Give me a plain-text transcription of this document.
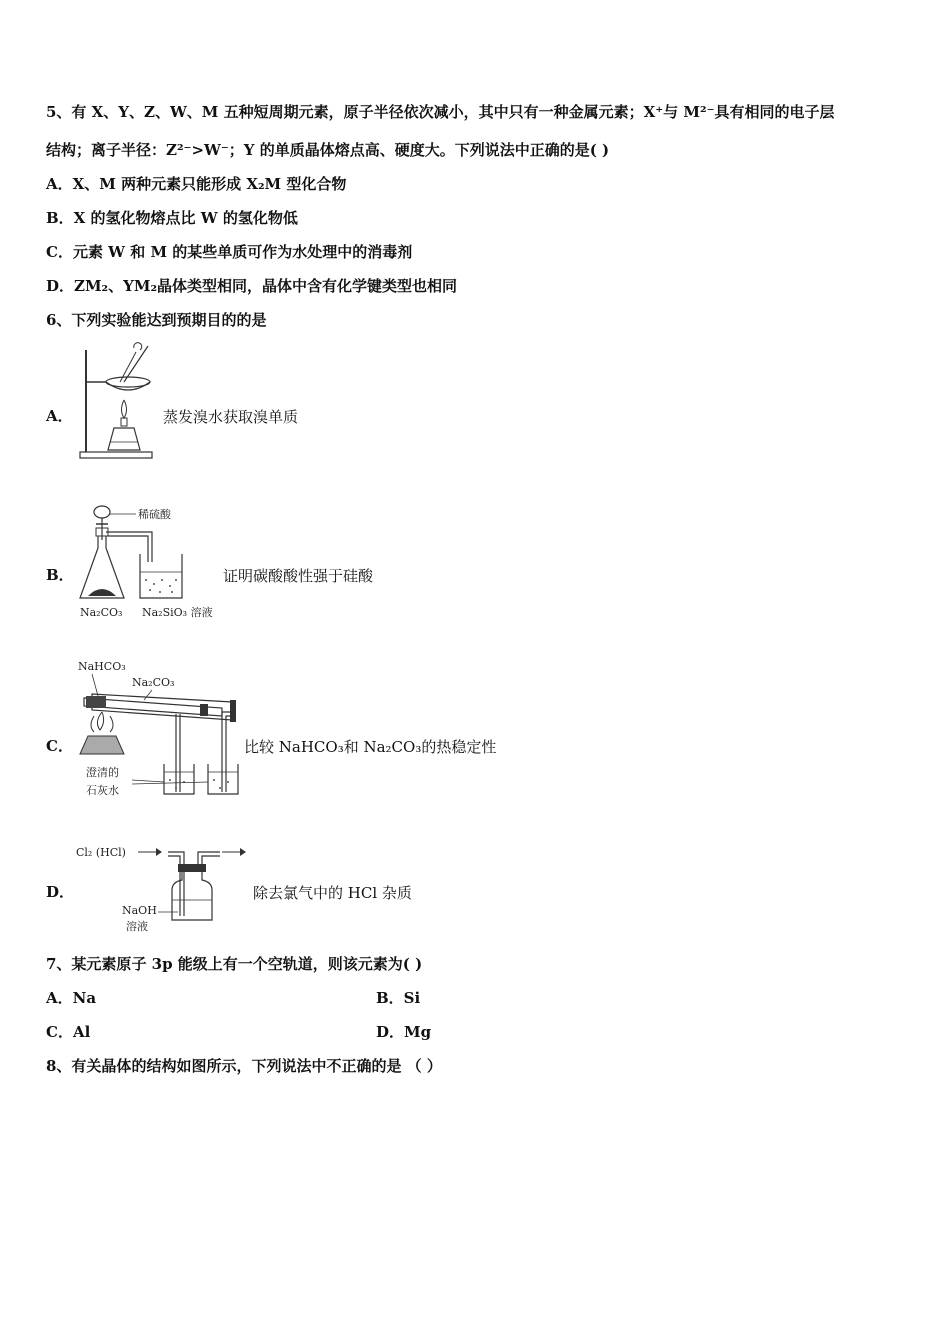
5、有 X、Y、Z、W、M 五种短周期元素，原子半径依次减小，其中只有一种金属元素；X⁺与 M²⁻具有相同的电子层
结构；离子半径：Z²⁻>W⁻；Y 的单质晶体熔点高、硬度大。下列说法中正确的是( )
A．X、M 两种元素只能形成 X₂M 型化合物
B．X 的氢化物熔点比 W 的氢化物低
C．元素 W 和 M 的某些单质可作为水处理中的消毒剂
D．ZM₂、YM₂晶体类型相同，晶体中含有化学键类型也相同
6、下列实验能达到预期目的的是
A．	蒸发溴水获取溴单质
B．
稀硫酸
Na₂CO₃ Na₂SiO₃ 溶液
证明碳酸酸性强于硅酸
C．
NaHCO₃
Na₂CO₃
澄清的
石灰水
比较 NaHCO₃和 Na₂CO₃的热稳定性
D．
Cl₂ (HCl)
NaOH
溶液
除去氯气中的 HCl 杂质
7、某元素原子 3p 能级上有一个空轨道，则该元素为( )
A．Na	B．Si
C．Al	D．Mg
8、有关晶体的结构如图所示，下列说法中不正确的是 （ ）
